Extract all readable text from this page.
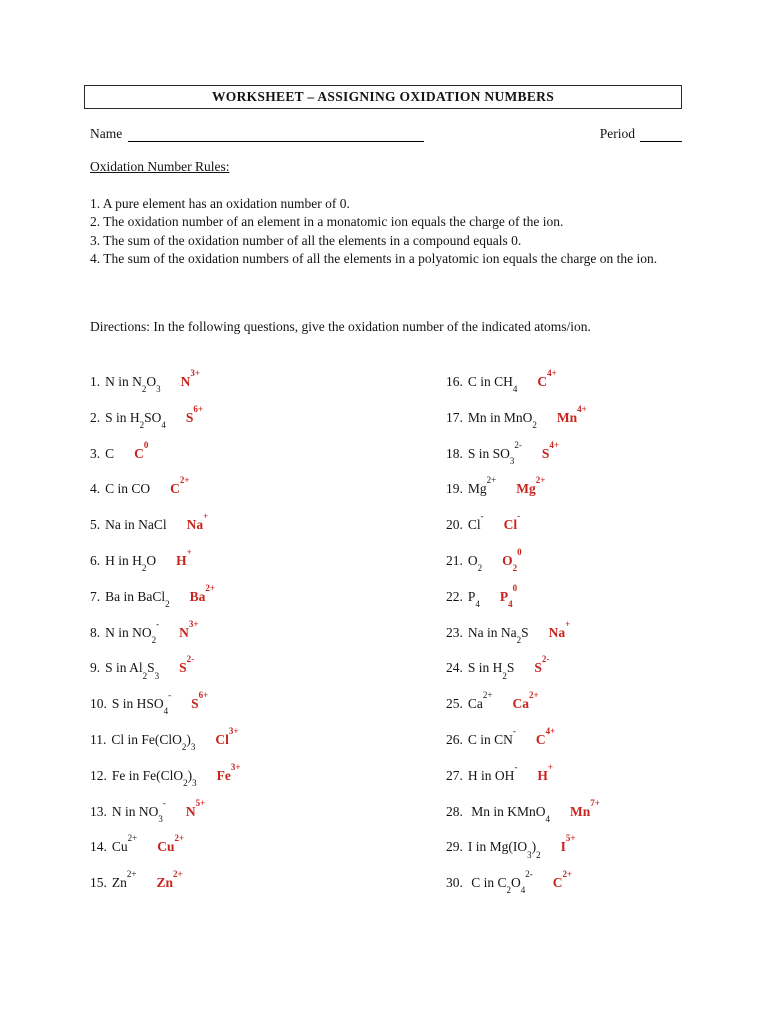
WORKSHEET – ASSIGNING OXIDATION NUMBERS
Name	Period
Oxidation Number Rules:
1. A pure element has an oxidation number of 0.
2. The oxidation number of an element in a monatomic ion equals the charge of the ion.
3. The sum of the oxidation number of all the elements in a compound equals 0.
4. The sum of the oxidation numbers of all the elements in a polyatomic ion equals the charge on the ion.
Directions: In the following questions, give the oxidation number of the indicated atoms/ion.
1. N in $N_2O_3N^{3+}$
2. S in $H_2SO_4S^{6+}$
3. C $C^0$
4. C in CO $C^{2+}$
5. Na in NaCl Na+
6. H in $H_2O$ H+
7. Ba in $BaCl_2Ba^{2+}$
8. N in $NO_2^-N^{3+}$
9. S in $Al_2S_3S^{2-}$
10. S in $HSO_4^-S^{6+}$
11. Cl in $Fe(ClO_2)_3Cl^{3+}$
12. Fe in $Fe(ClO_2)_3Fe^{3+}$
13. N in $NO_3^-N^{5+}$
14. $Cu^{2+}Cu^{2+}$
15. $Zn^{2+}Zn^{2+}$
16. C in $CH_4C^{4+}$
17. Mn in $MnO_2Mn^{4+}$
18. S in $SO_3^{2-}S^{4+}$
19. $Mg^{2+}Mg^{2+}$
20. Cl-Cl-
21. $O_2O_2^0$
22. $P_4P_4^0$
23. Na in $Na_2S$ Na+
24. S in $H_2S$ $S^{2-}$
25. $Ca^{2+}Ca^{2+}$
26. C in $CN^-C^{4+}$
27. H in OH-H+
28. Mn in $KMnO_4Mn^{7+}$
29. I in $Mg(IO_3)_2I^{5+}$
30. C in $C_2O_4^{2-}C^{2+}$
